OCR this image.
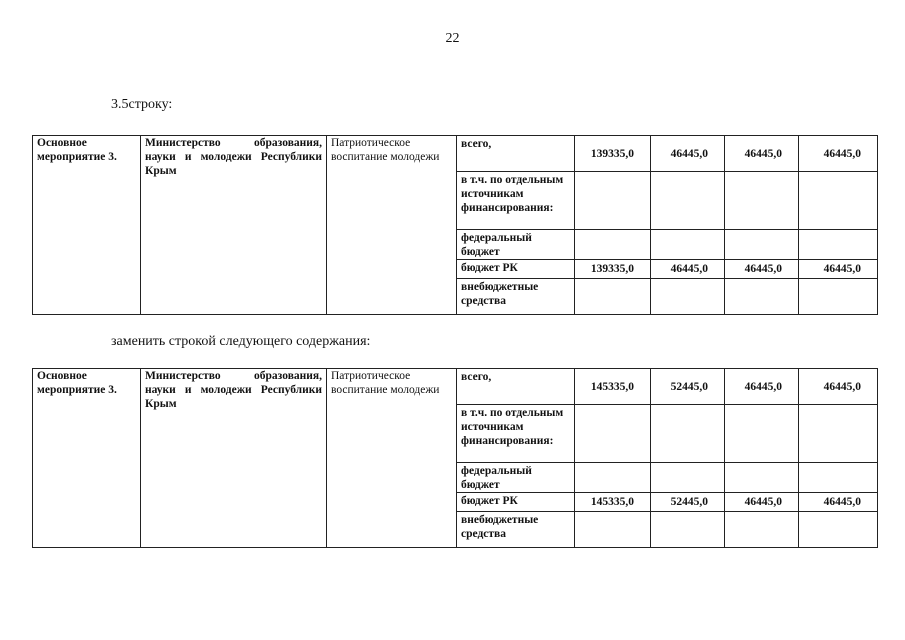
22
3.5строку:
Основное мероприятие 3.	Министерство образования, науки и молодежи Республики Крым	Патриотическое воспитание молодежи	всего,	139335,0	46445,0	46445,0	46445,0
			в т.ч. по отдельным источникам финансирования:				
			федеральный бюджет				
			бюджет РК	139335,0	46445,0	46445,0	46445,0
			внебюджетные средства				
заменить строкой следующего содержания:
Основное мероприятие 3.	Министерство образования, науки и молодежи Республики Крым	Патриотическое воспитание молодежи	всего,	145335,0	52445,0	46445,0	46445,0
			в т.ч. по отдельным источникам финансирования:				
			федеральный бюджет				
			бюджет РК	145335,0	52445,0	46445,0	46445,0
			внебюджетные средства				
